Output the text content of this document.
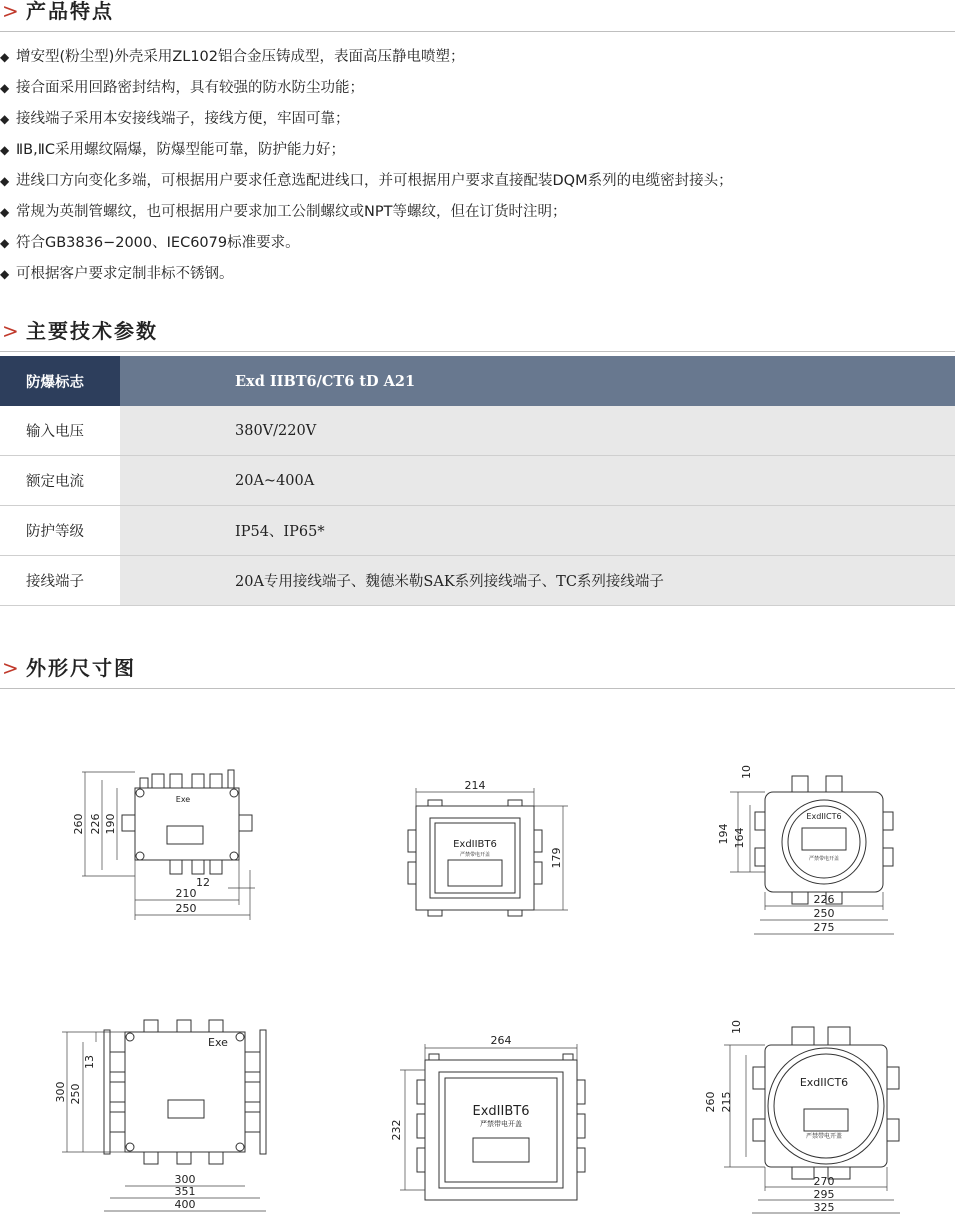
> 产品特点
◆ 增安型(粉尘型)外壳采用ZL102铝合金压铸成型，表面高压静电喷塑；
◆ 接合面采用回路密封结构，具有较强的防水防尘功能；
◆ 接线端子采用本安接线端子，接线方便，牢固可靠；
◆ ⅡB,ⅡC采用螺纹隔爆，防爆型能可靠，防护能力好；
◆ 进线口方向变化多端，可根据用户要求任意选配进线口，并可根据用户要求直接配装DQM系列的电缆密封接头；
◆ 常规为英制管螺纹，也可根据用户要求加工公制螺纹或NPT等螺纹，但在订货时注明；
◆ 符合GB3836−2000、IEC6079标准要求。
◆ 可根据客户要求定制非标不锈钢。
> 主要技术参数
防爆标志	Exd IIBT6/CT6 tD A21
输入电压	380V/220V
额定电流	20A~400A
防护等级	IP54、IP65*
接线端子	20A专用接线端子、魏德米勒SAK系列接线端子、TC系列接线端子
> 外形尺寸图
Exe
260 226 190
12
210
250
ExdIIBT6
严禁带电开盖
214
179
ExdIICT6
严禁带电开盖
10
194 164
226
250
275
Exe
300 250
13
300
351
400
ExdIIBT6
严禁带电开盖
264
232
ExdIICT6
严禁带电开盖
10
260 215
270
295
325
